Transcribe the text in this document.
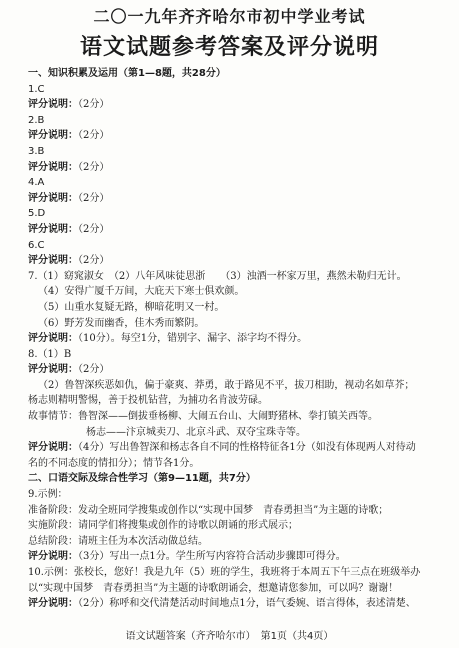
二〇一九年齐齐哈尔市初中学业考试
语文试题参考答案及评分说明
一、知识积累及运用（第1—8题，共28分）
1.C
评分说明：（2分）
2.B
评分说明：（2分）
3.B
评分说明：（2分）
4.A
评分说明：（2分）
5.D
评分说明：（2分）
6.C
评分说明：（2分）
7.（1）窈窕淑女　（2）八年风味徒思浙　　（3）浊酒一杯家万里，燕然未勒归无计。
（4）安得广厦千万间，大庇天下寒士俱欢颜。
（5）山重水复疑无路，柳暗花明又一村。
（6）野芳发而幽香，佳木秀而繁阴。
评分说明：（10分）。每空1分，错别字、漏字、添字均不得分。
8.（1）B
评分说明：（2分）
（2）鲁智深疾恶如仇，偏于豪爽、莽勇，敢于路见不平，拔刀相助，视动名如草芥；
杨志则精明警惕，善于投机钻营，为捕功名肯波劳碌。
故事情节：鲁智深——倒拔垂杨柳、大闹五台山、大闹野猪林、拳打镇关西等。
杨志——汴京城卖刀、北京斗武、双夺宝珠寺等。
评分说明：（4分）写出鲁智深和杨志各自不同的性格特征各1分（如没有体现两人对待动
名的不同态度的情扣分）；情节各1分。
二、口语交际及综合性学习（第9—11题，共7分）
9.示例：
准备阶段：发动全班同学搜集或创作以“实现中国梦　青春勇担当”为主题的诗歌；
实施阶段：请同学们将搜集或创作的诗歌以朗诵的形式展示；
总结阶段：请班主任为本次活动做总结。
评分说明：（3分）写出一点1分。学生所写内容符合活动步骤即可得分。
10.示例：张校长，您好！我是九年（5）班的学生，我班将于本周五下午三点在班级举办
以“实现中国梦　青春勇担当”为主题的诗歌朗诵会，想邀请您参加，可以吗？谢谢！
评分说明：（2分）称呼和交代清楚活动时间地点1分，语气委婉、语言得体，表述清楚、
语文试题答案（齐齐哈尔市）　第1页（共4页）
